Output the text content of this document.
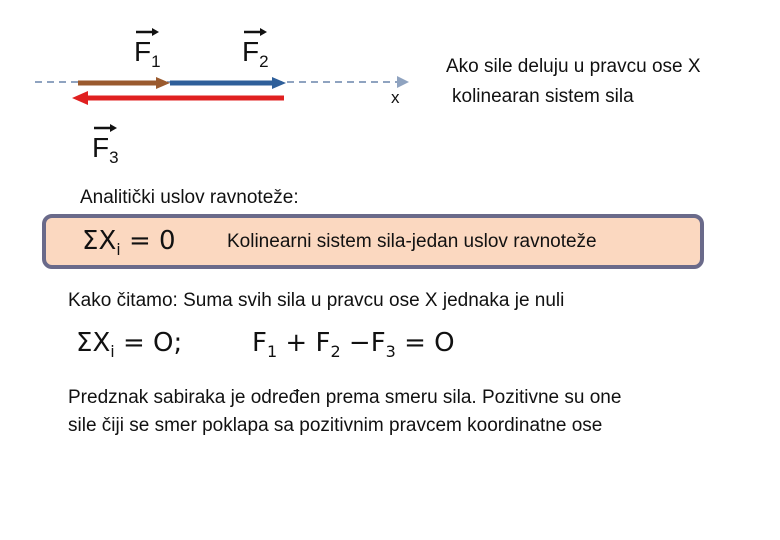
$F_1$	$F_2$
$F_3$
x
Ako sile deluju u pravcu ose X
kolinearan sistem sila
Analitički uslov ravnoteže:
$\Sigma X_i = 0$	Kolinearni sistem sila-jedan uslov ravnoteže
Kako čitamo: Suma svih sila u pravcu ose X jednaka je nuli
$\Sigma X_i = O$;	$F_1 + F_2 -F_3 = O$
Predznak sabiraka je određen prema smeru sila. Pozitivne su one
sile čiji se smer poklapa sa pozitivnim pravcem koordinatne ose
